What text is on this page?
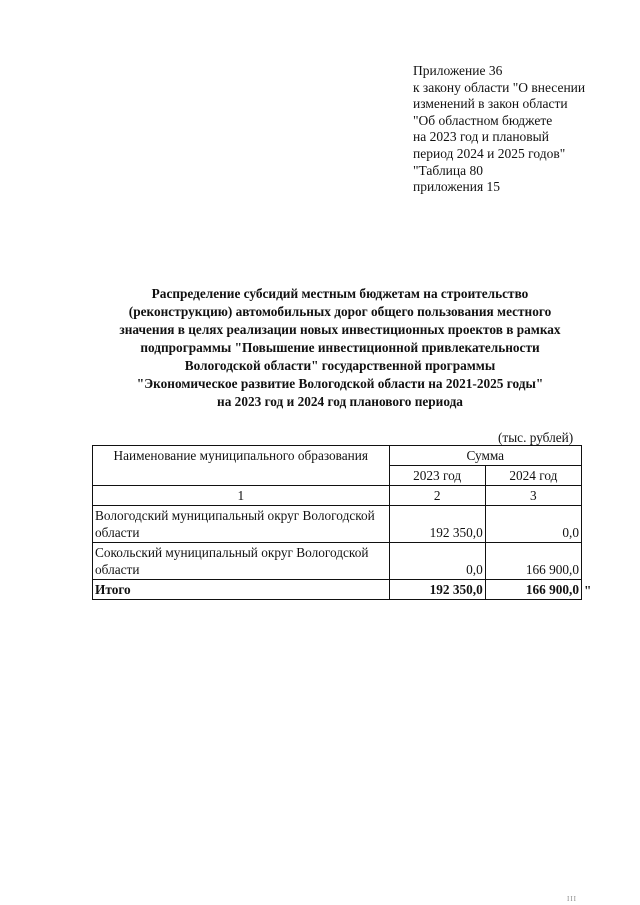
Приложение 36
к закону области "О внесении
изменений в закон области
"Об областном бюджете
на 2023 год и плановый
период 2024 и 2025 годов"
"Таблица 80
приложения 15
Распределение субсидий местным бюджетам на строительство
(реконструкцию) автомобильных дорог общего пользования местного
значения в целях реализации новых инвестиционных проектов в рамках
подпрограммы "Повышение инвестиционной привлекательности
Вологодской области" государственной программы
"Экономическое развитие Вологодской области на 2021-2025 годы"
на 2023 год и 2024 год планового периода
(тыс. рублей)
Наименование муниципального образования	Сумма	
	2023 год	2024 год
1	2	3
Вологодский муниципальный округ Вологодской области	192 350,0	0,0
Сокольский муниципальный округ Вологодской области	0,0	166 900,0
Итого	192 350,0	166 900,0 "
III
